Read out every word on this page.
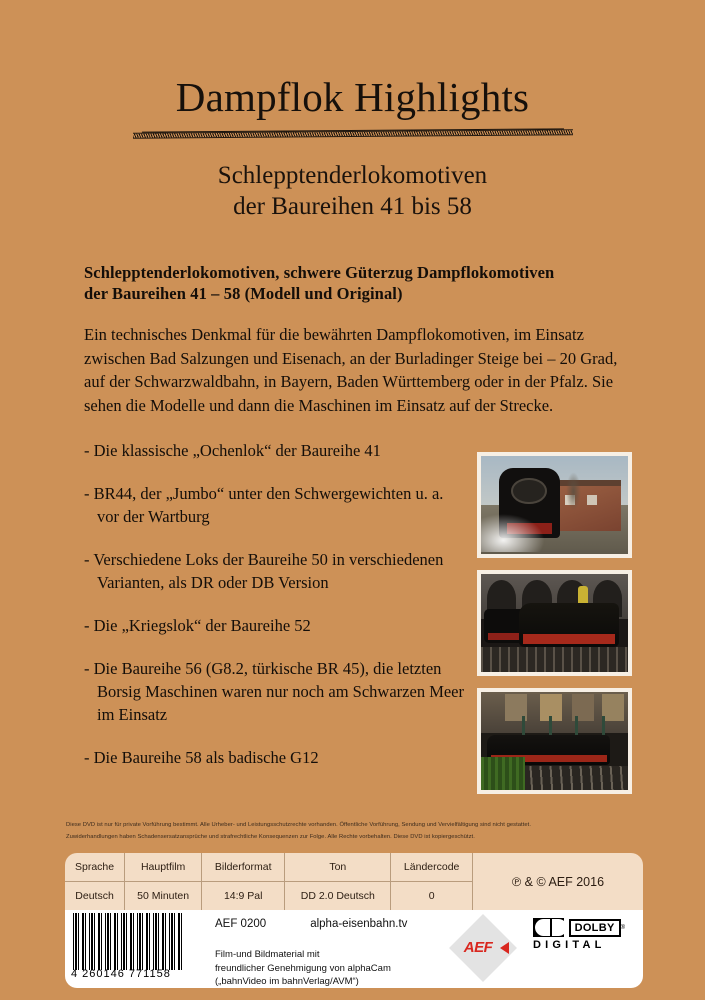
Dampflok Highlights
Schlepptenderlokomotiven
der Baureihen 41 bis 58
Schlepptenderlokomotiven, schwere Güterzug Dampflokomotiven
der Baureihen 41 – 58 (Modell und Original)

Ein technisches Denkmal für die bewährten Dampflokomotiven, im Einsatz zwischen Bad Salzungen und Eisenach, an der Burladinger Steige bei – 20 Grad, auf der Schwarzwaldbahn, in Bayern, Baden Württemberg oder in der Pfalz. Sie sehen die Modelle und dann die Maschinen im Einsatz auf der Strecke.

- Die klassische „Ochenlok“ der Baureihe 41
- BR44, der „Jumbo“ unter den Schwergewichten u. a. vor der Wartburg
- Verschiedene Loks der Baureihe 50 in verschiedenen Varianten, als DR oder DB Version
- Die „Kriegslok“ der Baureihe 52
- Die Baureihe 56 (G8.2, türkische BR 45), die letzten Borsig Maschinen waren nur noch am Schwarzen Meer im Einsatz
- Die Baureihe 58 als badische G12
Diese DVD ist nur für private Vorführung bestimmt. Alle Urheber- und Leistungsschutzrechte vorhanden. Öffentliche Vorführung, Sendung und Vervielfältigung sind nicht gestattet.
Zuwiderhandlungen haben Schadensersatzansprüche und strafrechtliche Konsequenzen zur Folge. Alle Rechte vorbehalten. Diese DVD ist kopiergeschützt.
Sprache	Hauptfilm	Bilderformat	Ton	Ländercode
Deutsch	50 Minuten	14:9 Pal	DD 2.0 Deutsch	0
℗ & © AEF 2016
4 260146 771158
AEF 0200	alpha-eisenbahn.tv
Film-und Bildmaterial mit
freundlicher Genehmigung von alphaCam
(„bahnVideo im bahnVerlag/AVM“)
AEF
DOLBY	®
DIGITAL
